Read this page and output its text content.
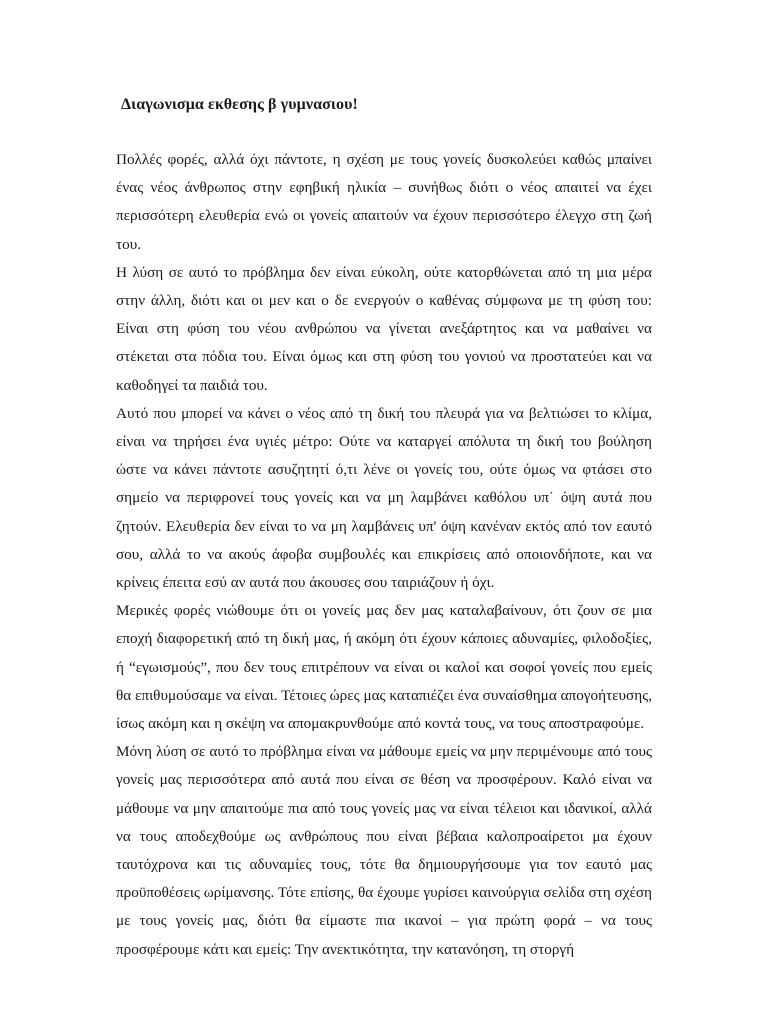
Διαγωνισμα εκθεσης β γυμνασιου!

Πολλές φορές, αλλά όχι πάντοτε, η σχέση με τους γονείς δυσκολεύει καθώς μπαίνει ένας νέος άνθρωπος στην εφηβική ηλικία – συνήθως διότι ο νέος απαιτεί να έχει περισσότερη ελευθερία ενώ οι γονείς απαιτούν να έχουν περισσότερο έλεγχο στη ζωή του.

Η λύση σε αυτό το πρόβλημα δεν είναι εύκολη, ούτε κατορθώνεται από τη μια μέρα στην άλλη, διότι και οι μεν και ο δε ενεργούν ο καθένας σύμφωνα με τη φύση του: Είναι στη φύση του νέου ανθρώπου να γίνεται ανεξάρτητος και να μαθαίνει να στέκεται στα πόδια του. Είναι όμως και στη φύση του γονιού να προστατεύει και να καθοδηγεί τα παιδιά του.

Αυτό που μπορεί να κάνει ο νέος από τη δική του πλευρά για να βελτιώσει το κλίμα, είναι να τηρήσει ένα υγιές μέτρο: Ούτε να καταργεί απόλυτα τη δική του βούληση ώστε να κάνει πάντοτε ασυζητητί ό,τι λένε οι γονείς του, ούτε όμως να φτάσει στο σημείο να περιφρονεί τους γονείς και να μη λαμβάνει καθόλου υπ΄ όψη αυτά που ζητούν. Ελευθερία δεν είναι το να μη λαμβάνεις υπ' όψη κανέναν εκτός από τον εαυτό σου, αλλά το να ακούς άφοβα συμβουλές και επικρίσεις από οποιονδήποτε, και να κρίνεις έπειτα εσύ αν αυτά που άκουσες σου ταιριάζουν ή όχι.

Μερικές φορές νιώθουμε ότι οι γονείς μας δεν μας καταλαβαίνουν, ότι ζουν σε μια εποχή διαφορετική από τη δική μας, ή ακόμη ότι έχουν κάποιες αδυναμίες, φιλοδοξίες, ή “εγωισμούς”, που δεν τους επιτρέπουν να είναι οι καλοί και σοφοί γονείς που εμείς θα επιθυμούσαμε να είναι. Τέτοιες ώρες μας καταπιέζει ένα συναίσθημα απογοήτευσης, ίσως ακόμη και η σκέψη να απομακρυνθούμε από κοντά τους, να τους αποστραφούμε.

Μόνη λύση σε αυτό το πρόβλημα είναι να μάθουμε εμείς να μην περιμένουμε από τους γονείς μας περισσότερα από αυτά που είναι σε θέση να προσφέρουν. Καλό είναι να μάθουμε να μην απαιτούμε πια από τους γονείς μας να είναι τέλειοι και ιδανικοί, αλλά να τους αποδεχθούμε ως ανθρώπους που είναι βέβαια καλοπροαίρετοι μα έχουν ταυτόχρονα και τις αδυναμίες τους, τότε θα δημιουργήσουμε για τον εαυτό μας προϋποθέσεις ωρίμανσης. Τότε επίσης, θα έχουμε γυρίσει καινούργια σελίδα στη σχέση με τους γονείς μας, διότι θα είμαστε πια ικανοί – για πρώτη φορά – να τους προσφέρουμε κάτι και εμείς: Την ανεκτικότητα, την κατανόηση, τη στοργή
